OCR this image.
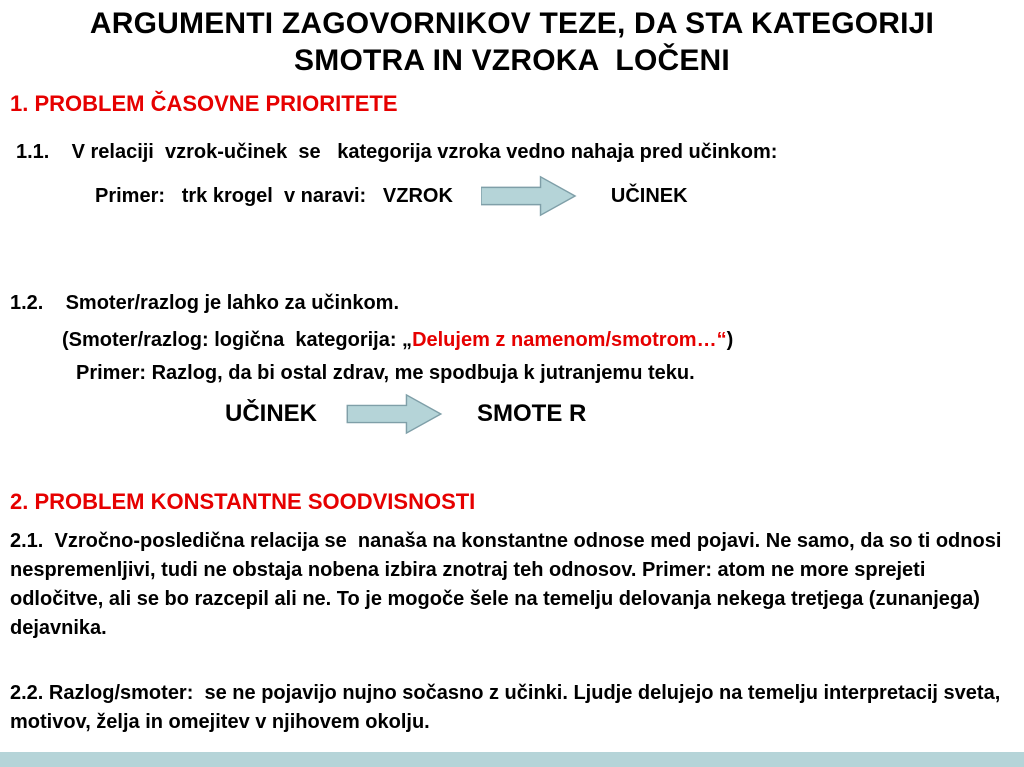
ARGUMENTI ZAGOVORNIKOV TEZE, DA STA KATEGORIJI
SMOTRA IN VZROKA  LOČENI
1. PROBLEM ČASOVNE PRIORITETE
1.1.    V relaciji  vzrok-učinek  se   kategorija vzroka vedno nahaja pred učinkom:
Primer:   trk krogel  v naravi:   VZROK	UČINEK
1.2.    Smoter/razlog je lahko za učinkom.
(Smoter/razlog: logična  kategorija: „Delujem z namenom/smotrom…“)
Primer: Razlog, da bi ostal zdrav, me spodbuja k jutranjemu teku.
UČINEK	SMOTE R
2. PROBLEM KONSTANTNE SOODVISNOSTI
2.1.  Vzročno-posledična relacija se  nanaša na konstantne odnose med pojavi. Ne samo, da so ti odnosi nespremenljivi, tudi ne obstaja nobena izbira znotraj teh odnosov. Primer: atom ne more sprejeti odločitve, ali se bo razcepil ali ne. To je mogoče šele na temelju delovanja nekega tretjega (zunanjega) dejavnika.
2.2. Razlog/smoter:  se ne pojavijo nujno sočasno z učinki. Ljudje delujejo na temelju interpretacij sveta, motivov, želja in omejitev v njihovem okolju.
